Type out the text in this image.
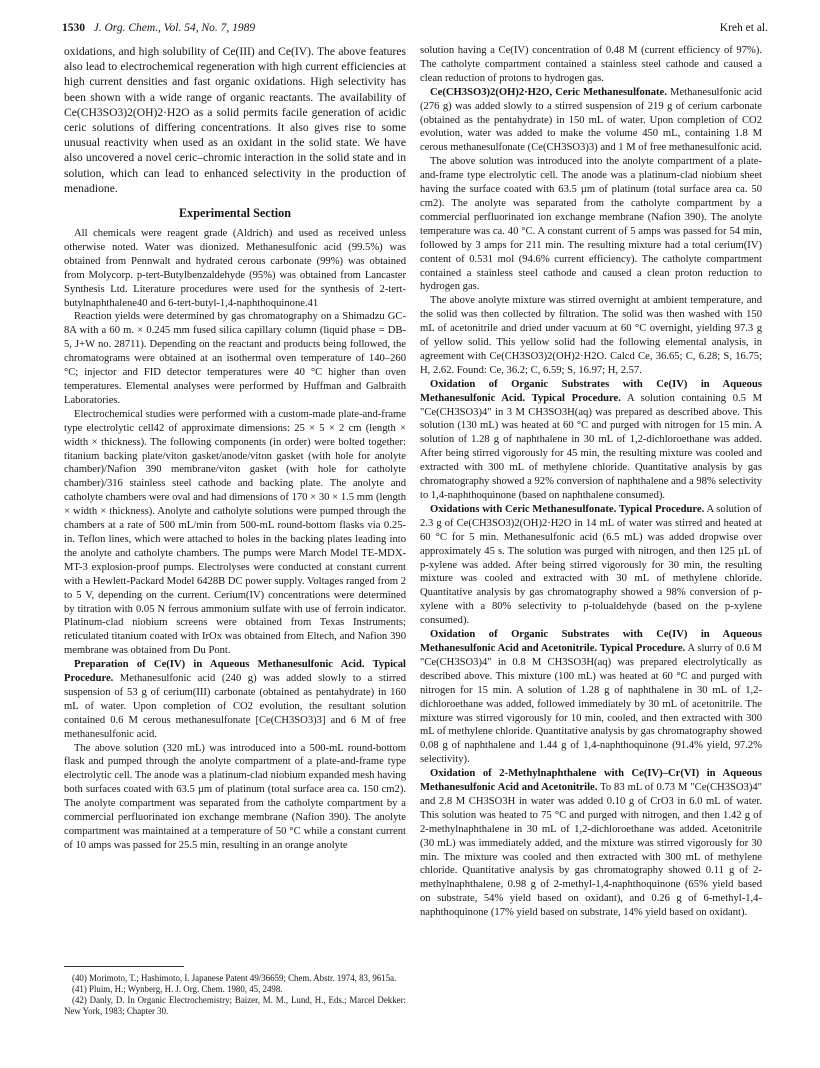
1530 J. Org. Chem., Vol. 54, No. 7, 1989	Kreh et al.

oxidations, and high solubility of Ce(III) and Ce(IV). The above features also lead to electrochemical regeneration with high current efficiencies at high current densities and fast organic oxidations. High selectivity has been shown with a wide range of organic reactants. The availability of Ce(CH3SO3)2(OH)2·H2O as a solid permits facile generation of acidic ceric solutions of differing concentrations. It also gives rise to some unusual reactivity when used as an oxidant in the solid state. We have also uncovered a novel ceric–chromic interaction in the solid state and in solution, which can lead to enhanced selectivity in the production of menadione.

Experimental Section

All chemicals were reagent grade (Aldrich) and used as received unless otherwise noted. Water was dionized. Methanesulfonic acid (99.5%) was obtained from Pennwalt and hydrated cerous carbonate (99%) was obtained from Molycorp. p-tert-Butylbenzaldehyde (95%) was obtained from Lancaster Synthesis Ltd. Literature procedures were used for the synthesis of 2-tert-butylnaphthalene40 and 6-tert-butyl-1,4-naphthoquinone.41

Reaction yields were determined by gas chromatography on a Shimadzu GC-8A with a 60 m. × 0.245 mm fused silica capillary column (liquid phase = DB-5, J+W no. 28711). Depending on the reactant and products being followed, the chromatograms were obtained at an isothermal oven temperature of 140–260 °C; injector and FID detector temperatures were 40 °C higher than oven temperatures. Elemental analyses were performed by Huffman and Galbraith Laboratories.

Electrochemical studies were performed with a custom-made plate-and-frame type electrolytic cell42 of approximate dimensions: 25 × 5 × 2 cm (length × width × thickness). The following components (in order) were bolted together: titanium backing plate/viton gasket/anode/viton gasket (with hole for anolyte chamber)/Nafion 390 membrane/viton gasket (with hole for catholyte chamber)/316 stainless steel cathode and backing plate. The anolyte and catholyte chambers were oval and had dimensions of 170 × 30 × 1.5 mm (length × width × thickness). Anolyte and catholyte solutions were pumped through the chambers at a rate of 500 mL/min from 500-mL round-bottom flasks via 0.25-in. Teflon lines, which were attached to holes in the backing plates leading into the anolyte and catholyte chambers. The pumps were March Model TE-MDX-MT-3 explosion-proof pumps. Electrolyses were conducted at constant current with a Hewlett-Packard Model 6428B DC power supply. Voltages ranged from 2 to 5 V, depending on the current. Cerium(IV) concentrations were determined by titration with 0.05 N ferrous ammonium sulfate with use of ferroin indicator. Platinum-clad niobium screens were obtained from Texas Instruments; reticulated titanium coated with IrOx was obtained from Eltech, and Nafion 390 membrane was obtained from Du Pont.

Preparation of Ce(IV) in Aqueous Methanesulfonic Acid. Typical Procedure. Methanesulfonic acid (240 g) was added slowly to a stirred suspension of 53 g of cerium(III) carbonate (obtained as pentahydrate) in 160 mL of water. Upon completion of CO2 evolution, the resultant solution contained 0.6 M cerous methanesulfonate [Ce(CH3SO3)3] and 6 M of free methanesulfonic acid.

The above solution (320 mL) was introduced into a 500-mL round-bottom flask and pumped through the anolyte compartment of a plate-and-frame type electrolytic cell. The anode was a platinum-clad niobium expanded mesh having both surfaces coated with 63.5 µm of platinum (total surface area ca. 150 cm2). The anolyte compartment was separated from the catholyte compartment by a commercial perfluorinated ion exchange membrane (Nafion 390). The anolyte compartment was maintained at a temperature of 50 °C while a constant current of 10 amps was passed for 25.5 min, resulting in an orange anolyte

(40) Morimoto, T.; Hashimoto, I. Japanese Patent 49/36659; Chem. Abstr. 1974, 83, 9615a.

(41) Pluim, H.; Wynberg, H. J. Org. Chem. 1980, 45, 2498.

(42) Danly, D. In Organic Electrochemistry; Baizer, M. M., Lund, H., Eds.; Marcel Dekker: New York, 1983; Chapter 30.

solution having a Ce(IV) concentration of 0.48 M (current efficiency of 97%). The catholyte compartment contained a stainless steel cathode and caused a clean reduction of protons to hydrogen gas.

Ce(CH3SO3)2(OH)2·H2O, Ceric Methanesulfonate. Methanesulfonic acid (276 g) was added slowly to a stirred suspension of 219 g of cerium carbonate (obtained as the pentahydrate) in 150 mL of water. Upon completion of CO2 evolution, water was added to make the volume 450 mL, containing 1.8 M cerous methanesulfonate (Ce(CH3SO3)3) and 1 M of free methanesulfonic acid.

The above solution was introduced into the anolyte compartment of a plate-and-frame type electrolytic cell. The anode was a platinum-clad niobium sheet having the surface coated with 63.5 µm of platinum (total surface area ca. 50 cm2). The anolyte was separated from the catholyte compartment by a commercial perfluorinated ion exchange membrane (Nafion 390). The anolyte temperature was ca. 40 °C. A constant current of 5 amps was passed for 54 min, followed by 3 amps for 211 min. The resulting mixture had a total cerium(IV) content of 0.531 mol (94.6% current efficiency). The catholyte compartment contained a stainless steel cathode and caused a clean proton reduction to hydrogen gas.

The above anolyte mixture was stirred overnight at ambient temperature, and the solid was then collected by filtration. The solid was then washed with 150 mL of acetonitrile and dried under vacuum at 60 °C overnight, yielding 97.3 g of yellow solid. This yellow solid had the following elemental analysis, in agreement with Ce(CH3SO3)2(OH)2·H2O. Calcd Ce, 36.65; C, 6.28; S, 16.75; H, 2.62. Found: Ce, 36.2; C, 6.59; S, 16.97; H, 2.57.

Oxidation of Organic Substrates with Ce(IV) in Aqueous Methanesulfonic Acid. Typical Procedure. A solution containing 0.5 M "Ce(CH3SO3)4" in 3 M CH3SO3H(aq) was prepared as described above. This solution (130 mL) was heated at 60 °C and purged with nitrogen for 15 min. A solution of 1.28 g of naphthalene in 30 mL of 1,2-dichloroethane was added. After being stirred vigorously for 45 min, the resulting mixture was cooled and extracted with 300 mL of methylene chloride. Quantitative analysis by gas chromatography showed a 92% conversion of naphthalene and a 98% selectivity to 1,4-naphthoquinone (based on naphthalene consumed).

Oxidations with Ceric Methanesulfonate. Typical Procedure. A solution of 2.3 g of Ce(CH3SO3)2(OH)2·H2O in 14 mL of water was stirred and heated at 60 °C for 5 min. Methanesulfonic acid (6.5 mL) was added dropwise over approximately 45 s. The solution was purged with nitrogen, and then 125 µL of p-xylene was added. After being stirred vigorously for 30 min, the resulting mixture was cooled and extracted with 30 mL of methylene chloride. Quantitative analysis by gas chromatography showed a 98% conversion of p-xylene with a 80% selectivity to p-tolualdehyde (based on the p-xylene consumed).

Oxidation of Organic Substrates with Ce(IV) in Aqueous Methanesulfonic Acid and Acetonitrile. Typical Procedure. A slurry of 0.6 M "Ce(CH3SO3)4" in 0.8 M CH3SO3H(aq) was prepared electrolytically as described above. This mixture (100 mL) was heated at 60 °C and purged with nitrogen for 15 min. A solution of 1.28 g of naphthalene in 30 mL of 1,2-dichloroethane was added, followed immediately by 30 mL of acetonitrile. The mixture was stirred vigorously for 10 min, cooled, and then extracted with 300 mL of methylene chloride. Quantitative analysis by gas chromatography showed 0.08 g of naphthalene and 1.44 g of 1,4-naphthoquinone (91.4% yield, 97.2% selectivity).

Oxidation of 2-Methylnaphthalene with Ce(IV)–Cr(VI) in Aqueous Methanesulfonic Acid and Acetonitrile. To 83 mL of 0.73 M "Ce(CH3SO3)4" and 2.8 M CH3SO3H in water was added 0.10 g of CrO3 in 6.0 mL of water. This solution was heated to 75 °C and purged with nitrogen, and then 1.42 g of 2-methylnaphthalene in 30 mL of 1,2-dichloroethane was added. Acetonitrile (30 mL) was immediately added, and the mixture was stirred vigorously for 30 min. The mixture was cooled and then extracted with 300 mL of methylene chloride. Quantitative analysis by gas chromatography showed 0.11 g of 2-methylnaphthalene, 0.98 g of 2-methyl-1,4-naphthoquinone (65% yield based on substrate, 54% yield based on oxidant), and 0.26 g of 6-methyl-1,4-naphthoquinone (17% yield based on substrate, 14% yield based on oxidant).
